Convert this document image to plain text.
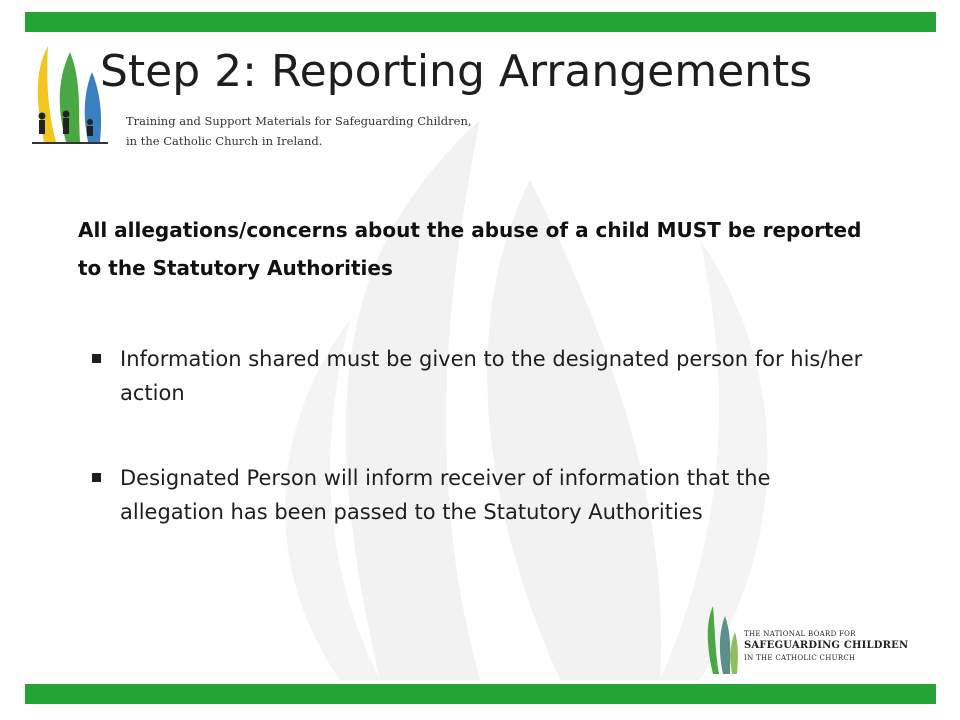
Step 2: Reporting Arrangements
Training and Support Materials for Safeguarding Children,
in the Catholic Church in Ireland.
All allegations/concerns about the abuse of a child MUST be reported to the Statutory Authorities
Information shared must be given to the designated person for his/her action
Designated Person will inform receiver of information that the allegation has been passed to the Statutory Authorities
THE NATIONAL BOARD FOR
SAFEGUARDING CHILDREN
IN THE CATHOLIC CHURCH
